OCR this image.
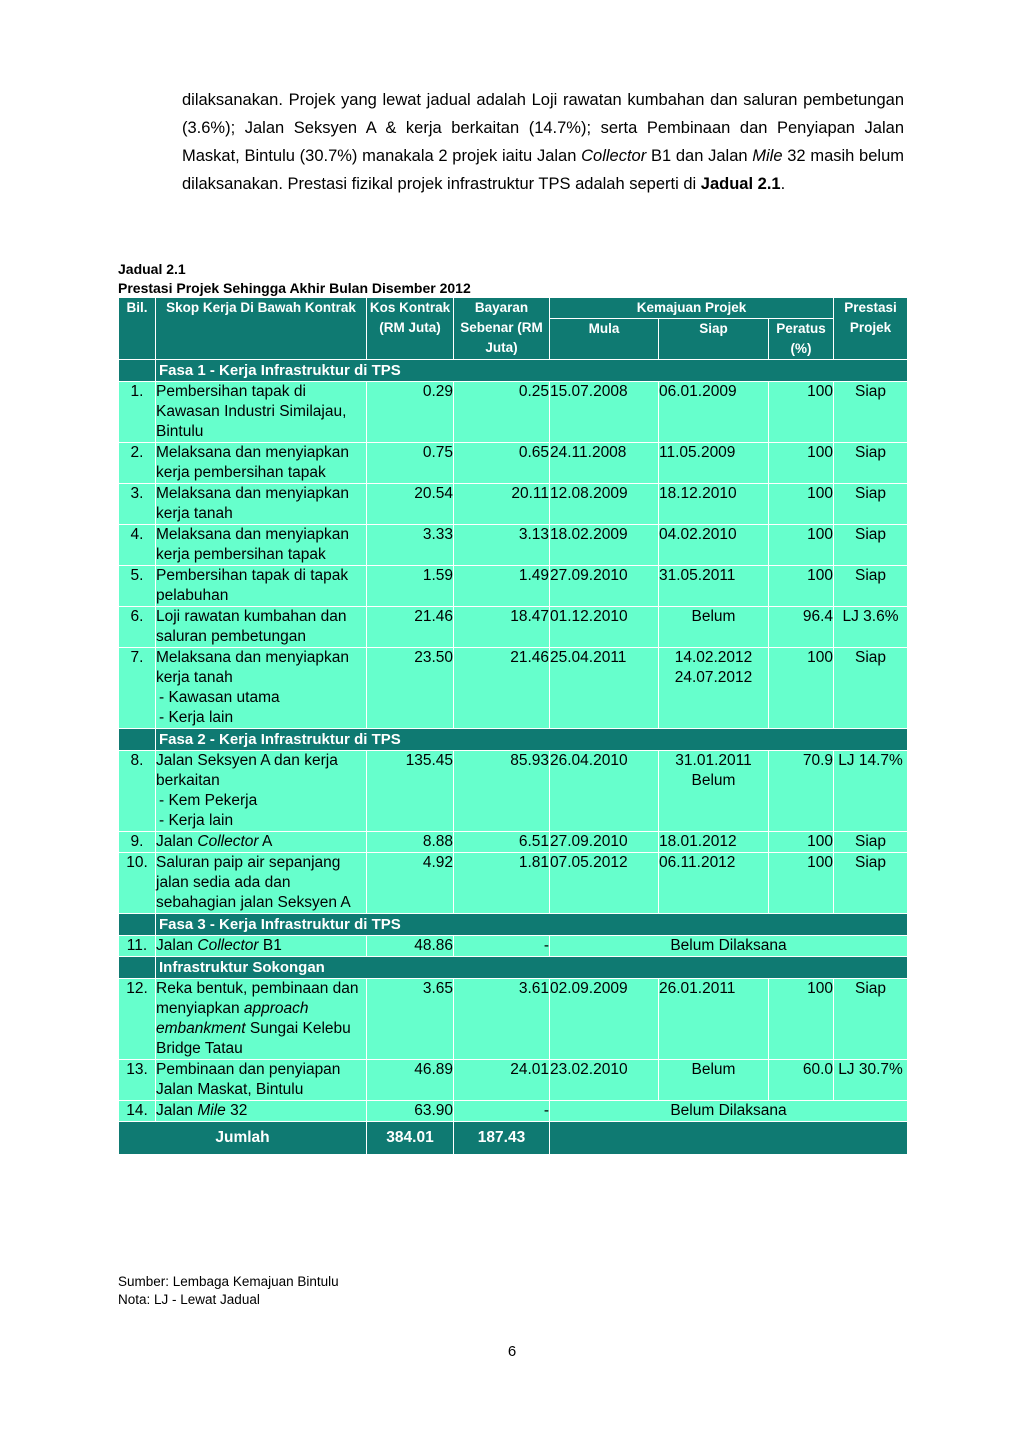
dilaksanakan. Projek yang lewat jadual adalah Loji rawatan kumbahan dan saluran pembetungan (3.6%); Jalan Seksyen A & kerja berkaitan (14.7%); serta Pembinaan dan Penyiapan Jalan Maskat, Bintulu (30.7%) manakala 2 projek iaitu Jalan Collector B1 dan Jalan Mile 32 masih belum dilaksanakan. Prestasi fizikal projek infrastruktur TPS adalah seperti di Jadual 2.1.
Jadual 2.1
Prestasi Projek Sehingga Akhir Bulan Disember 2012
Bil.	Skop Kerja Di Bawah Kontrak	Kos Kontrak (RM Juta)	Bayaran Sebenar (RM Juta)	Kemajuan Projek			Prestasi Projek
				Mula	Siap	Peratus (%)	
	Fasa 1 - Kerja Infrastruktur di TPS						
1.	Pembersihan tapak di Kawasan Industri Similajau, Bintulu	0.29	0.25	15.07.2008	06.01.2009	100	Siap
2.	Melaksana dan menyiapkan kerja pembersihan tapak	0.75	0.65	24.11.2008	11.05.2009	100	Siap
3.	Melaksana dan menyiapkan kerja tanah	20.54	20.11	12.08.2009	18.12.2010	100	Siap
4.	Melaksana dan menyiapkan kerja pembersihan tapak	3.33	3.13	18.02.2009	04.02.2010	100	Siap
5.	Pembersihan tapak di tapak pelabuhan	1.59	1.49	27.09.2010	31.05.2011	100	Siap
6.	Loji rawatan kumbahan dan saluran pembetungan	21.46	18.47	01.12.2010	Belum	96.4	LJ 3.6%
7.	Melaksana dan menyiapkan kerja tanah
- Kawasan utama
- Kerja lain	23.50	21.46	25.04.2011	14.02.2012 24.07.2012	100	Siap
	Fasa 2 - Kerja Infrastruktur di TPS						
8.	Jalan Seksyen A dan kerja berkaitan
- Kem Pekerja
- Kerja lain	135.45	85.93	26.04.2010	31.01.2011 Belum	70.9	LJ 14.7%
9.	Jalan Collector A	8.88	6.51	27.09.2010	18.01.2012	100	Siap
10.	Saluran paip air sepanjang jalan sedia ada dan sebahagian jalan Seksyen A	4.92	1.81	07.05.2012	06.11.2012	100	Siap
	Fasa 3 - Kerja Infrastruktur di TPS						
11.	Jalan Collector B1	48.86	-	Belum Dilaksana			
	Infrastruktur Sokongan						
12.	Reka bentuk, pembinaan dan menyiapkan approach embankment Sungai Kelebu Bridge Tatau	3.65	3.61	02.09.2009	26.01.2011	100	Siap
13.	Pembinaan dan penyiapan Jalan Maskat, Bintulu	46.89	24.01	23.02.2010	Belum	60.0	LJ 30.7%
14.	Jalan Mile 32	63.90	-	Belum Dilaksana			
Jumlah		384.01	187.43				
Sumber: Lembaga Kemajuan Bintulu
Nota: LJ - Lewat Jadual
6
